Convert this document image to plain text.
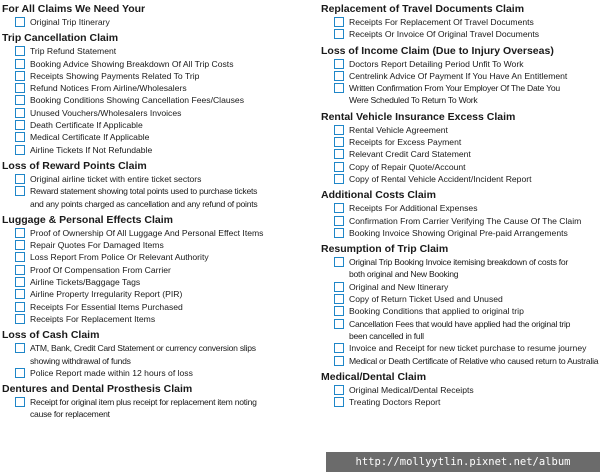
For All Claims We Need Your
Original Trip Itinerary
Trip Cancellation Claim
Trip Refund Statement
Booking Advice Showing Breakdown Of All Trip Costs
Receipts Showing Payments Related To Trip
Refund Notices From Airline/Wholesalers
Booking Conditions Showing Cancellation Fees/Clauses
Unused Vouchers/Wholesalers Invoices
Death Certificate If Applicable
Medical Certificate If Applicable
Airline Tickets If Not Refundable
Loss of Reward Points Claim
Original airline ticket with entire ticket sectors
Reward statement showing total points used to purchase tickets
and any points charged as cancellation and any refund of points
Luggage & Personal Effects Claim
Proof of Ownership Of All Luggage And Personal Effect Items
Repair Quotes For Damaged Items
Loss Report From Police Or Relevant Authority
Proof Of Compensation From Carrier
Airline Tickets/Baggage Tags
Airline Property Irregularity Report (PIR)
Receipts For Essential Items Purchased
Receipts For Replacement Items
Loss of Cash Claim
ATM, Bank, Credit Card Statement or currency conversion slips
showing withdrawal of funds
Police Report made within 12 hours of loss
Dentures and Dental Prosthesis Claim
Receipt for original item plus receipt for replacement item noting
cause for replacement
Replacement of Travel Documents Claim
Receipts For Replacement Of Travel Documents
Receipts Or Invoice Of Original Travel Documents
Loss of Income Claim (Due to Injury Overseas)
Doctors Report Detailing Period Unfit To Work
Centrelink Advice Of Payment If You Have An Entitlement
Written Confirmation From Your Employer Of The Date You
Were Scheduled To Return To Work
Rental Vehicle Insurance Excess Claim
Rental Vehicle Agreement
Receipts for Excess Payment
Relevant Credit Card Statement
Copy of Repair Quote/Account
Copy of Rental Vehicle Accident/Incident Report
Additional Costs Claim
Receipts For Additional Expenses
Confirmation From Carrier Verifying The Cause Of The Claim
Booking Invoice Showing Original Pre-paid Arrangements
Resumption of Trip Claim
Original Trip Booking Invoice itemising breakdown of costs for
both original and New Booking
Original and New Itinerary
Copy of Return Ticket Used and Unused
Booking Conditions that applied to original trip
Cancellation Fees that would have applied had the original trip
been cancelled in full
Invoice and Receipt for new ticket purchase to resume journey
Medical or Death Certificate of Relative who caused return to Australia
Medical/Dental Claim
Original Medical/Dental Receipts
Treating Doctors Report
http://mollyytlin.pixnet.net/album
